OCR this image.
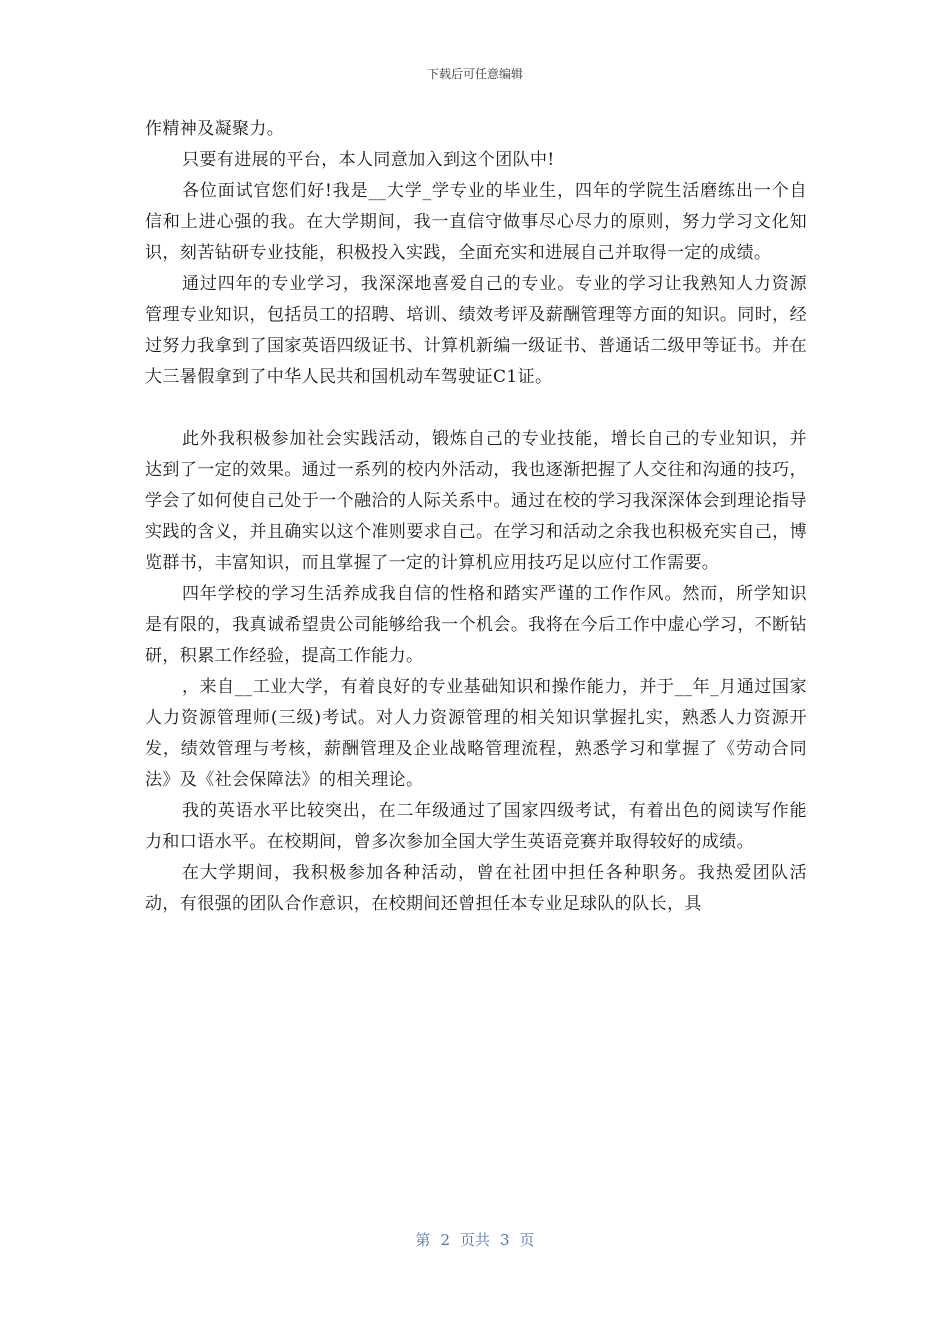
下载后可任意编辑

作精神及凝聚力。

只要有进展的平台，本人同意加入到这个团队中!

各位面试官您们好!我是__大学_学专业的毕业生，四年的学院生活磨练出一个自信和上进心强的我。在大学期间，我一直信守做事尽心尽力的原则，努力学习文化知识，刻苦钻研专业技能，积极投入实践，全面充实和进展自己并取得一定的成绩。

通过四年的专业学习，我深深地喜爱自己的专业。专业的学习让我熟知人力资源管理专业知识，包括员工的招聘、培训、绩效考评及薪酬管理等方面的知识。同时，经过努力我拿到了国家英语四级证书、计算机新编一级证书、普通话二级甲等证书。并在大三暑假拿到了中华人民共和国机动车驾驶证C1证。

此外我积极参加社会实践活动，锻炼自己的专业技能，增长自己的专业知识，并达到了一定的效果。通过一系列的校内外活动，我也逐渐把握了人交往和沟通的技巧，学会了如何使自己处于一个融洽的人际关系中。通过在校的学习我深深体会到理论指导实践的含义，并且确实以这个准则要求自己。在学习和活动之余我也积极充实自己，博览群书，丰富知识，而且掌握了一定的计算机应用技巧足以应付工作需要。

四年学校的学习生活养成我自信的性格和踏实严谨的工作作风。然而，所学知识是有限的，我真诚希望贵公司能够给我一个机会。我将在今后工作中虚心学习，不断钻研，积累工作经验，提高工作能力。

，来自__工业大学，有着良好的专业基础知识和操作能力，并于__年_月通过国家人力资源管理师(三级)考试。对人力资源管理的相关知识掌握扎实，熟悉人力资源开发，绩效管理与考核，薪酬管理及企业战略管理流程，熟悉学习和掌握了《劳动合同法》及《社会保障法》的相关理论。

我的英语水平比较突出，在二年级通过了国家四级考试，有着出色的阅读写作能力和口语水平。在校期间，曾多次参加全国大学生英语竞赛并取得较好的成绩。

在大学期间，我积极参加各种活动，曾在社团中担任各种职务。我热爱团队活动，有很强的团队合作意识，在校期间还曾担任本专业足球队的队长，具

第 2 页共 3 页
